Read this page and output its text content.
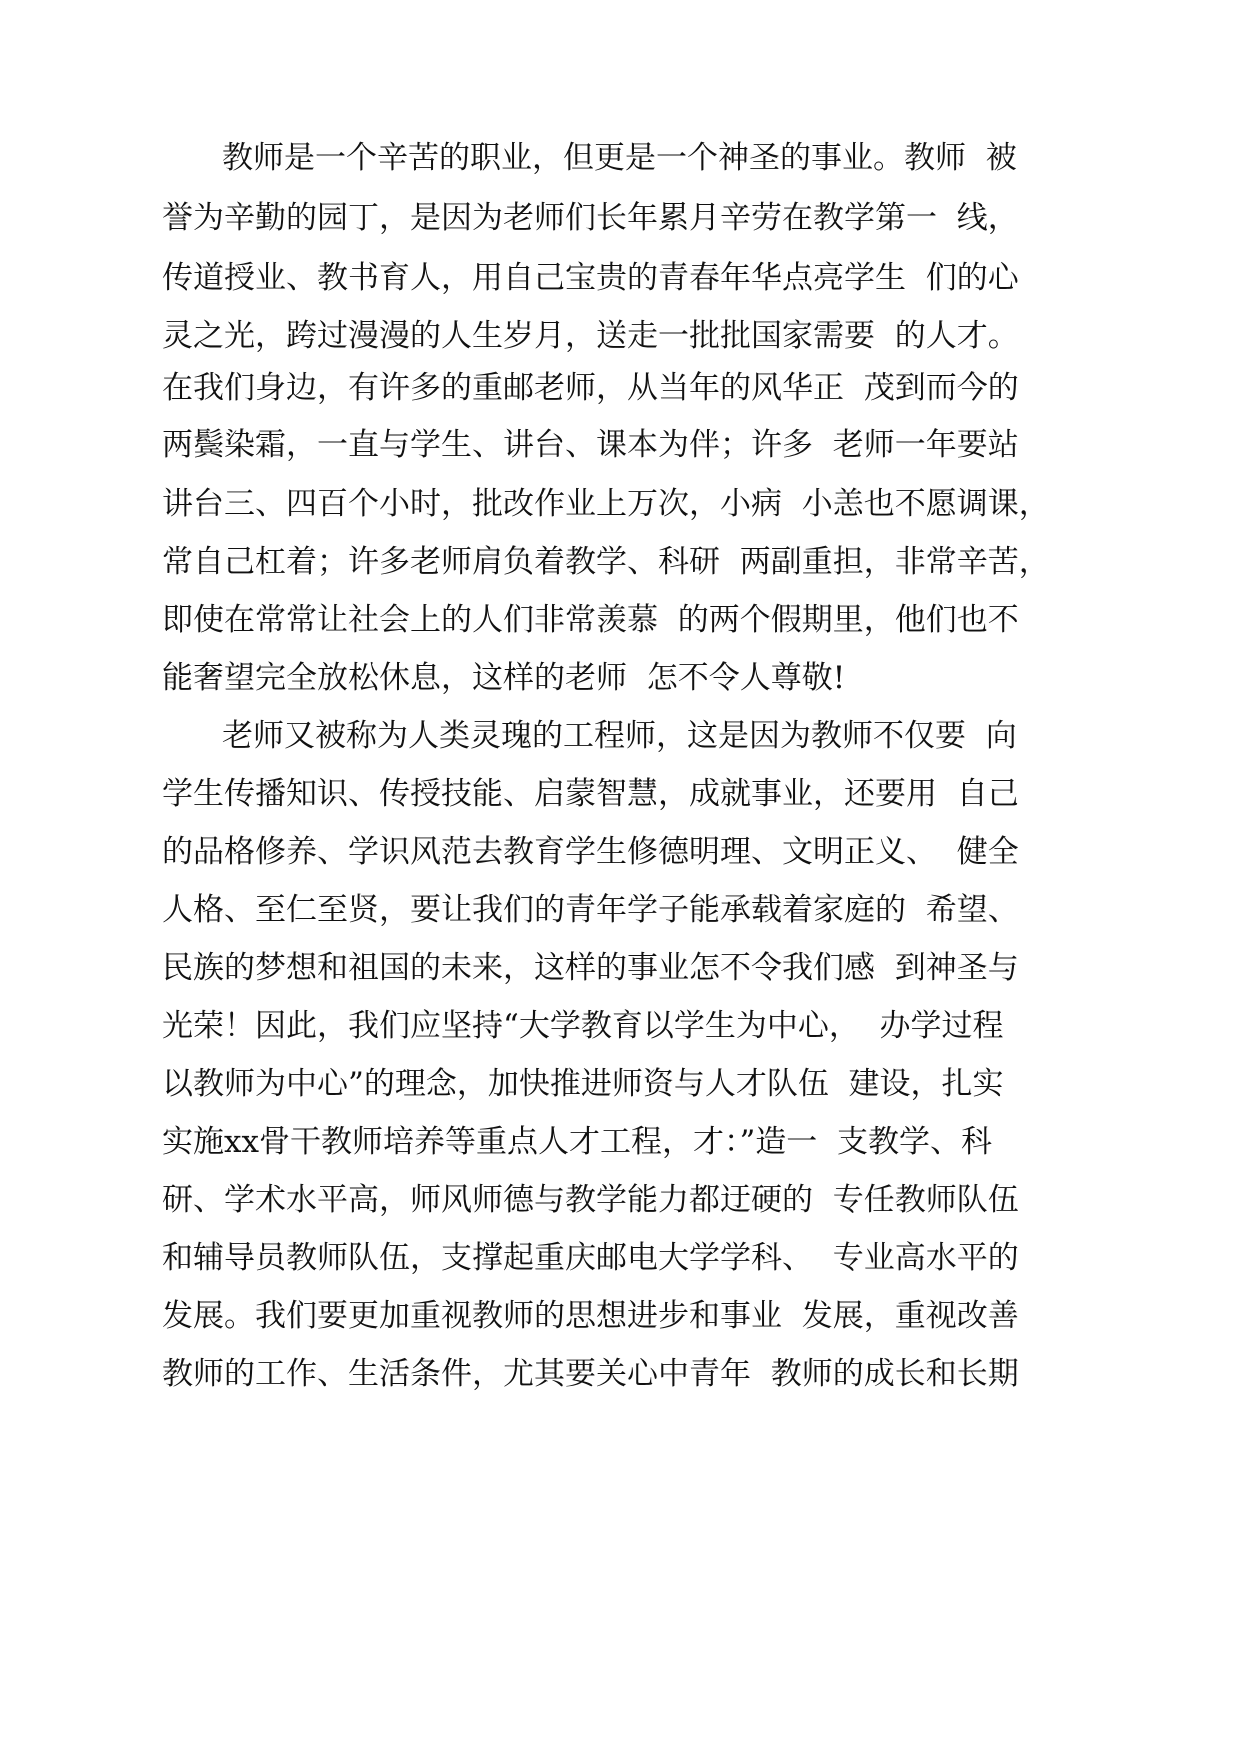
教师是一个辛苦的职业，但更是一个神圣的事业。教师  被
誉为辛勤的园丁，是因为老师们长年累月辛劳在教学第一  线，
传道授业、教书育人，用自己宝贵的青春年华点亮学生  们的心
灵之光，跨过漫漫的人生岁月，送走一批批国家需要  的人才。
在我们身边，有许多的重邮老师，从当年的风华正  茂到而今的
两鬓染霜，一直与学生、讲台、课本为伴；许多  老师一年要站
讲台三、四百个小时，批改作业上万次，小病  小恙也不愿调课，
常自己杠着；许多老师肩负着教学、科研  两副重担，非常辛苦，
即使在常常让社会上的人们非常羡慕  的两个假期里，他们也不
能奢望完全放松休息，这样的老师  怎不令人尊敬!
老师又被称为人类灵瑰的工程师，这是因为教师不仅要  向
学生传播知识、传授技能、启蒙智慧，成就事业，还要用  自己
的品格修养、学识风范去教育学生修德明理、文明正义、  健全
人格、至仁至贤，要让我们的青年学子能承载着家庭的  希望、
民族的梦想和祖国的未来，这样的事业怎不令我们感  到神圣与
光荣！因此，我们应坚持“大学教育以学生为中心，  办学过程
以教师为中心”的理念，加快推进师资与人才队伍  建设，扎实
实施xx骨干教师培养等重点人才工程，才：”造一  支教学、科
研、学术水平高，师风师德与教学能力都迂硬的  专任教师队伍
和辅导员教师队伍，支撑起重庆邮电大学学科、  专业高水平的
发展。我们要更加重视教师的思想进步和事业  发展，重视改善
教师的工作、生活条件，尤其要关心中青年  教师的成长和长期
